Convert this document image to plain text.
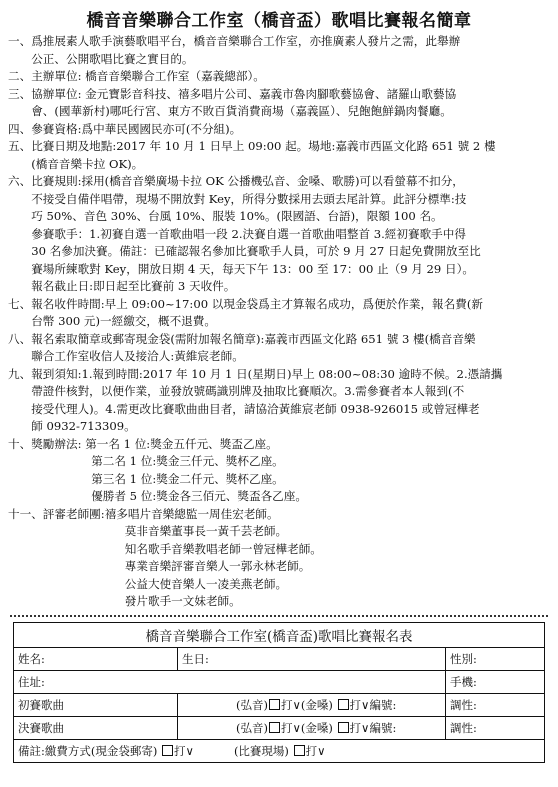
橋音音樂聯合工作室（橋音盃）歌唱比賽報名簡章
一、 爲推展素人歌手演藝歌唱平台，橋音音樂聯合工作室，亦推廣素人發片之需，此舉辦
公正、公開歌唱比賽之實目的。
二、 主辦單位: 橋音音樂聯合工作室（嘉義總部）。
三、 協辦單位: 金元寶影音科技、禧多唱片公司、嘉義市魯肉腳歌藝協會、諸羅山歌藝協
會、(國華新村)哪吒行宮、東方不敗百貨消費商場（嘉義區）、兒飽飽鮮鍋肉餐廳。
四、 參賽資格:爲中華民國國民亦可(不分組)。
五、 比賽日期及地點:2017 年 10 月 1 日早上 09:00 起。場地:嘉義市西區文化路 651 號 2 樓
(橋音音樂卡拉 OK)。
六、 比賽規則:採用(橋音音樂廣場卡拉 OK 公播機弘音、金嗓、歌勝)可以看螢幕不扣分，
不接受自備伴唱帶，現場不開放對 Key，所得分數採用去頭去尾計算。此評分標準:技
巧 50%、音色 30%、台風 10%、服裝 10%。(限國語、台語)，限額 100 名。
參賽歌手：1.初賽自選一首歌曲唱一段 2.決賽自選一首歌曲唱整首 3.經初賽歌手中得
30 名參加決賽。備註：已確認報名參加比賽歌手人員，可於 9 月 27 日起免費開放至比
賽場所練歌對 Key，開放日期 4 天，每天下午 13：00 至 17：00 止（9 月 29 日）。
報名截止日:即日起至比賽前 3 天收件。
七、 報名收件時間:早上 09:00~17:00 以現金袋爲主才算報名成功，爲便於作業，報名費(新
台幣 300 元)一經繳交，概不退費。
八、 報名索取簡章或郵寄現金袋(需附加報名簡章):嘉義市西區文化路 651 號 3 樓(橋音音樂
聯合工作室收信人及接洽人:黃維宸老師。
九、 報到須知:1.報到時間:2017 年 10 月 1 日(星期日)早上 08:00~08:30 逾時不候。2.憑請攜
帶證件核對，以便作業，並發放號碼識別牌及抽取比賽順次。3.需參賽者本人報到(不
接受代理人)。4.需更改比賽歌曲曲目者，請協洽黃維宸老師 0938-926015 或曾冠樺老
師 0932-713309。
十、 獎勵辦法: 第一名 1 位:獎金五仟元、獎盃乙座。
第二名 1 位:獎金三仟元、獎杯乙座。
第三名 1 位:獎金二仟元、獎杯乙座。
優勝者 5 位:獎金各三佰元、獎盃各乙座。
十一、 評審老師團:禧多唱片音樂總監一周佳宏老師。
莫非音樂董事長一黃千芸老師。
知名歌手音樂教唱老師一曾冠樺老師。
專業音樂評審音樂人一郭永林老師。
公益大使音樂人一凌美燕老師。
發片歌手一文妹老師。
橋音音樂聯合工作室(橋音盃)歌唱比賽報名表		
姓名:	生日:	性別:
住址:		手機:
初賽歌曲	(弘音) 打∨(金嗓) 打∨編號:	調性:
決賽歌曲	(弘音) 打∨(金嗓) 打∨編號:	調性:
備註:繳費方式(現金袋郵寄) 打∨ (比賽現場) 打∨		
